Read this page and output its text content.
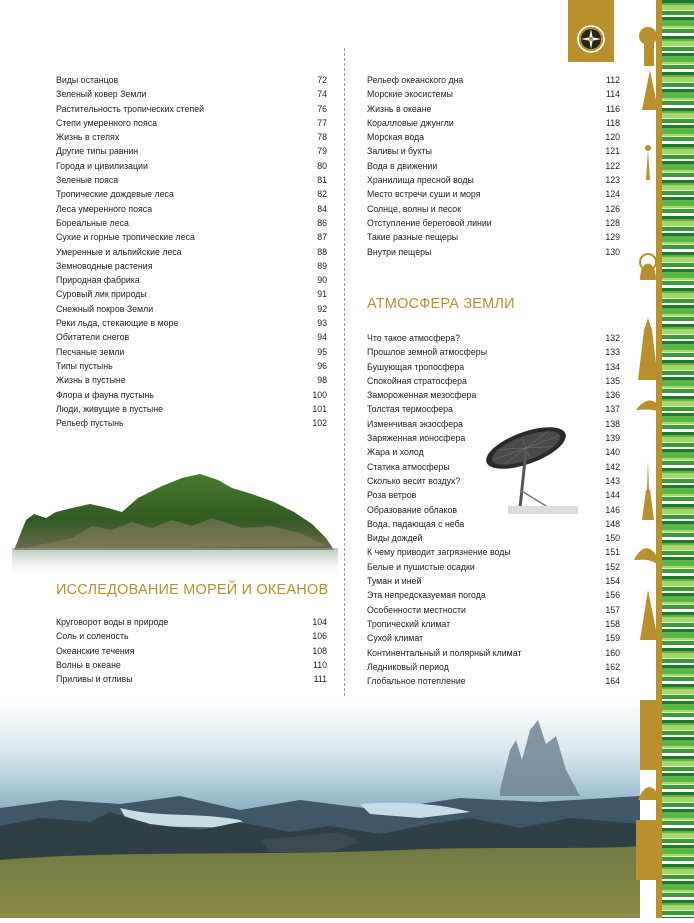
Виды останцов	72
Зеленый ковер Земли	74
Растительность тропических степей	76
Степи умеренного пояса	77
Жизнь в степях	78
Другие типы равнин	79
Города и цивилизации	80
Зеленые пояса	81
Тропические дождевые леса	82
Леса умеренного пояса	84
Бореальные леса	86
Сухие и горные тропические леса	87
Умеренные и альпийские леса	88
Земноводные растения	89
Природная фабрика	90
Суровый лик природы	91
Снежный покров Земли	92
Реки льда, стекающие в море	93
Обитатели снегов	94
Песчаные земли	95
Типы пустынь	96
Жизнь в пустыне	98
Флора и фауна пустынь	100
Люди, живущие в пустыне	101
Рельеф пустынь	102
ИССЛЕДОВАНИЕ МОРЕЙ И ОКЕАНОВ
Круговорот воды в природе	104
Соль и соленость	106
Океанские течения	108
Волны в океане	110
Приливы и отливы	111
Рельеф океанского дна	112
Морские экосистемы	114
Жизнь в океане	116
Коралловые джунгли	118
Морская вода	120
Заливы и бухты	121
Вода в движении	122
Хранилища пресной воды	123
Место встречи суши и моря	124
Солнце, волны и песок	126
Отступление береговой линии	128
Такие разные пещеры	129
Внутри пещеры	130
АТМОСФЕРА ЗЕМЛИ
Что такое атмосфера?	132
Прошлое земной атмосферы	133
Бушующая тропосфера	134
Спокойная стратосфера	135
Замороженная мезосфера	136
Толстая термосфера	137
Изменчивая экзосфера	138
Заряженная ионосфера	139
Жара и холод	140
Статика атмосферы	142
Сколько весит воздух?	143
Роза ветров	144
Образование облаков	146
Вода, падающая с неба	148
Виды дождей	150
К чему приводит загрязнение воды	151
Белые и пушистые осадки	152
Туман и иней	154
Эта непредсказуемая погода	156
Особенности местности	157
Тропический климат	158
Сухой климат	159
Континентальный и полярный климат	160
Ледниковый период	162
Глобальное потепление	164
